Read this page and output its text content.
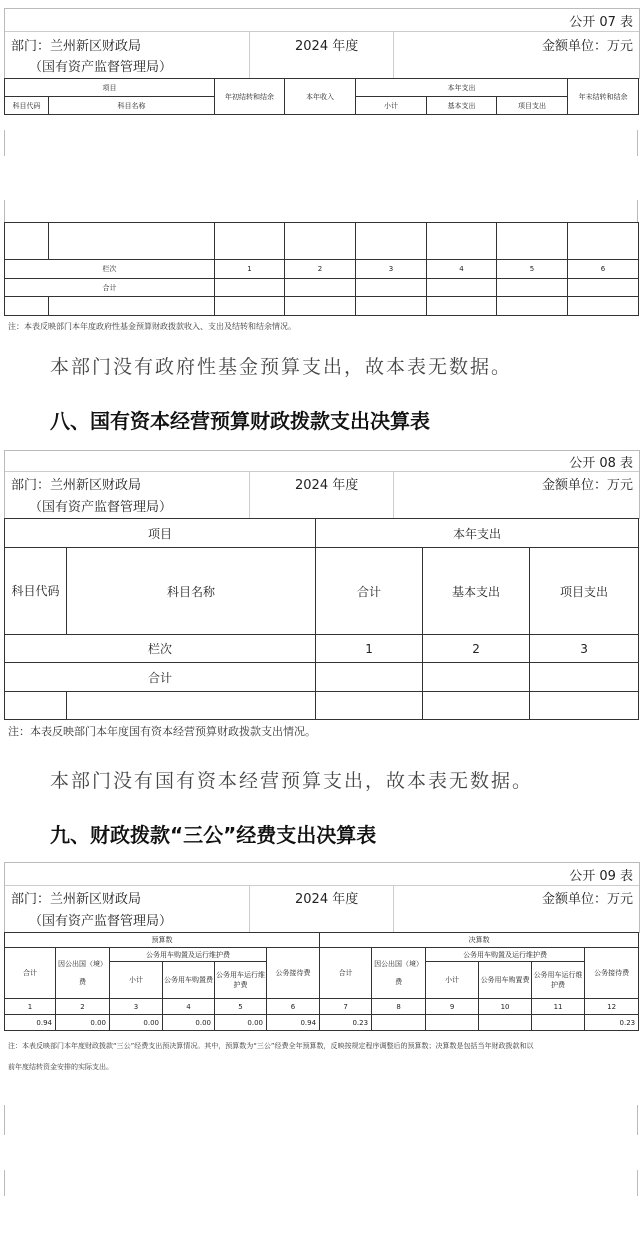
公开 07 表
部门：兰州新区财政局
（国有资产监督管理局）
2024 年度	金额单位：万元
项目		年初结转和结余	本年收入	本年支出			年末结转和结余
科目代码	科目名称			小计	基本支出	项目支出	

栏次		1	2	3	4	5	6
合计							

注：本表反映部门本年度政府性基金预算财政拨款收入、支出及结转和结余情况。
本部门没有政府性基金预算支出，故本表无数据。
八、国有资本经营预算财政拨款支出决算表
公开 08 表
部门：兰州新区财政局
（国有资产监督管理局）
2024 年度	金额单位：万元
项目		本年支出		
科目代码	科目名称	合计	基本支出	项目支出
栏次		1	2	3
合计				

注：本表反映部门本年度国有资本经营预算财政拨款支出情况。
本部门没有国有资本经营预算支出，故本表无数据。
九、财政拨款“三公”经费支出决算表
公开 09 表
部门：兰州新区财政局
（国有资产监督管理局）
2024 年度	金额单位：万元
预算数						决算数					
合计	因公出国（境）费	公务用车购置及运行维护费			公务接待费	合计	因公出国（境）费	公务用车购置及运行维护费			公务接待费
		小计	公务用车购置费	公务用车运行维护费				小计	公务用车购置费	公务用车运行维护费	
1	2	3	4	5	6	7	8	9	10	11	12
0.94	0.00	0.00	0.00	0.00	0.94	0.23					0.23
注：本表反映部门本年度财政拨款“三公”经费支出预决算情况。其中，预算数为“三公”经费全年预算数，反映按规定程序调整后的预算数；决算数是包括当年财政拨款和以
前年度结转资金安排的实际支出。
